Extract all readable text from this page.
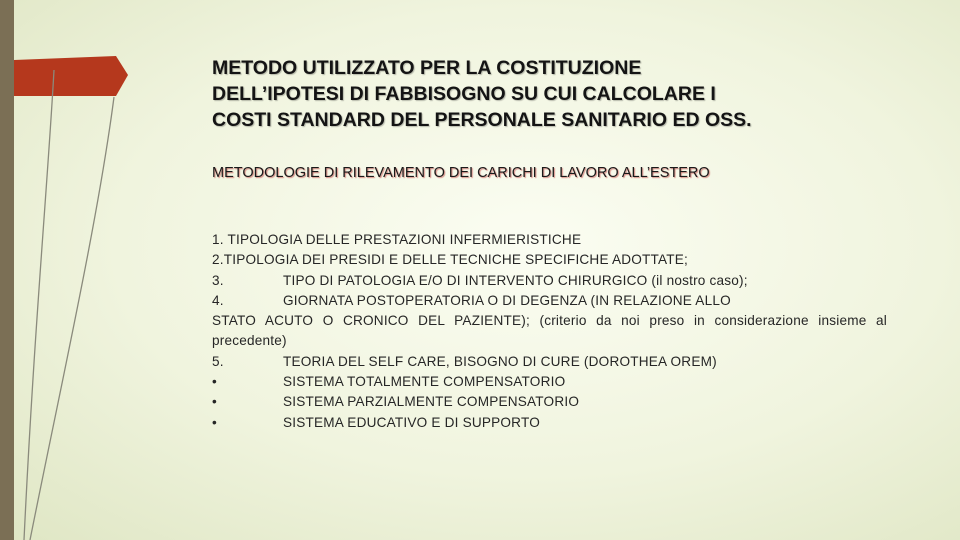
METODO UTILIZZATO PER LA COSTITUZIONE
DELL’IPOTESI DI FABBISOGNO SU CUI CALCOLARE I
COSTI STANDARD DEL PERSONALE SANITARIO ED OSS.
METODOLOGIE DI RILEVAMENTO DEI CARICHI DI LAVORO ALL’ESTERO
1. TIPOLOGIA DELLE PRESTAZIONI INFERMIERISTICHE
2.TIPOLOGIA DEI PRESIDI E DELLE TECNICHE SPECIFICHE ADOTTATE;
3.	TIPO DI PATOLOGIA E/O DI INTERVENTO CHIRURGICO (il nostro caso);
4.	GIORNATA POSTOPERATORIA O DI DEGENZA (IN RELAZIONE ALLO
STATO ACUTO O CRONICO DEL PAZIENTE); (criterio da noi preso in considerazione insieme al precedente)
5.	TEORIA DEL SELF CARE, BISOGNO DI CURE (DOROTHEA OREM)
•	SISTEMA TOTALMENTE COMPENSATORIO
•	SISTEMA PARZIALMENTE COMPENSATORIO
•	SISTEMA EDUCATIVO E DI SUPPORTO
